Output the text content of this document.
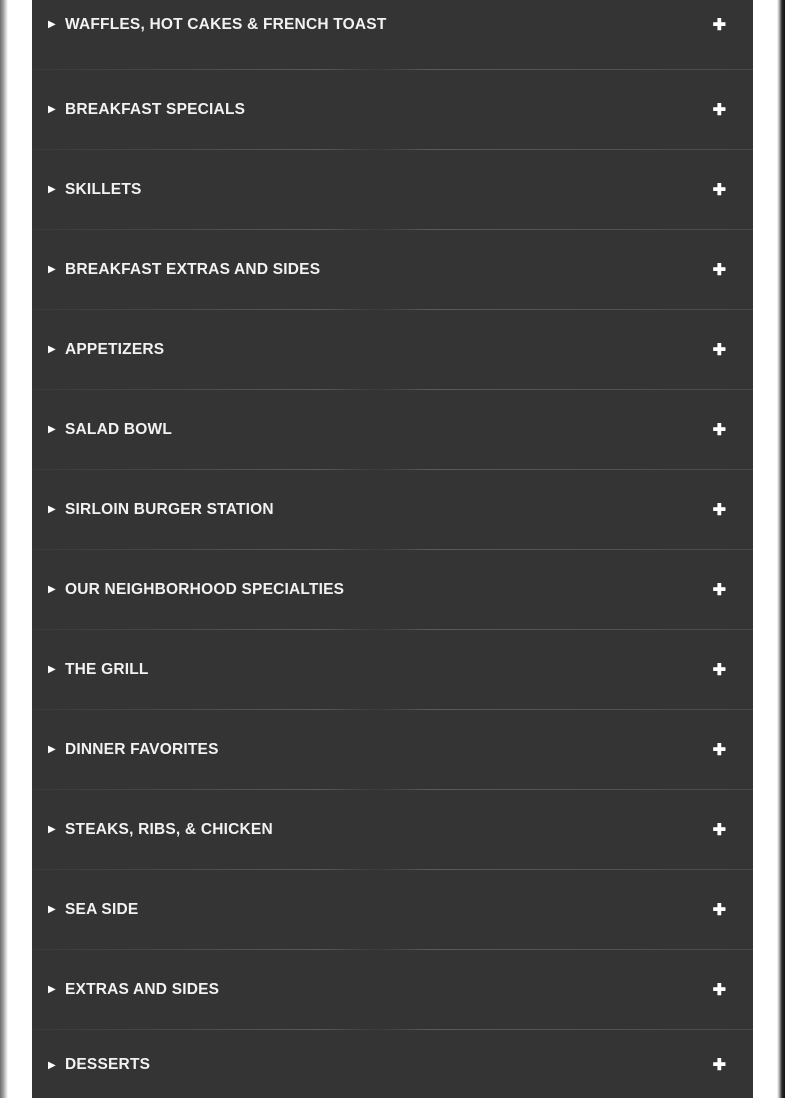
▶ WAFFLES, HOT CAKES & FRENCH TOAST	✚
▶ BREAKFAST SPECIALS	✚
▶ SKILLETS	✚
▶ BREAKFAST EXTRAS AND SIDES	✚
▶ APPETIZERS	✚
▶ SALAD BOWL	✚
▶ SIRLOIN BURGER STATION	✚
▶ OUR NEIGHBORHOOD SPECIALTIES	✚
▶ THE GRILL	✚
▶ DINNER FAVORITES	✚
▶ STEAKS, RIBS, & CHICKEN	✚
▶ SEA SIDE	✚
▶ EXTRAS AND SIDES	✚
▶ DESSERTS	✚
